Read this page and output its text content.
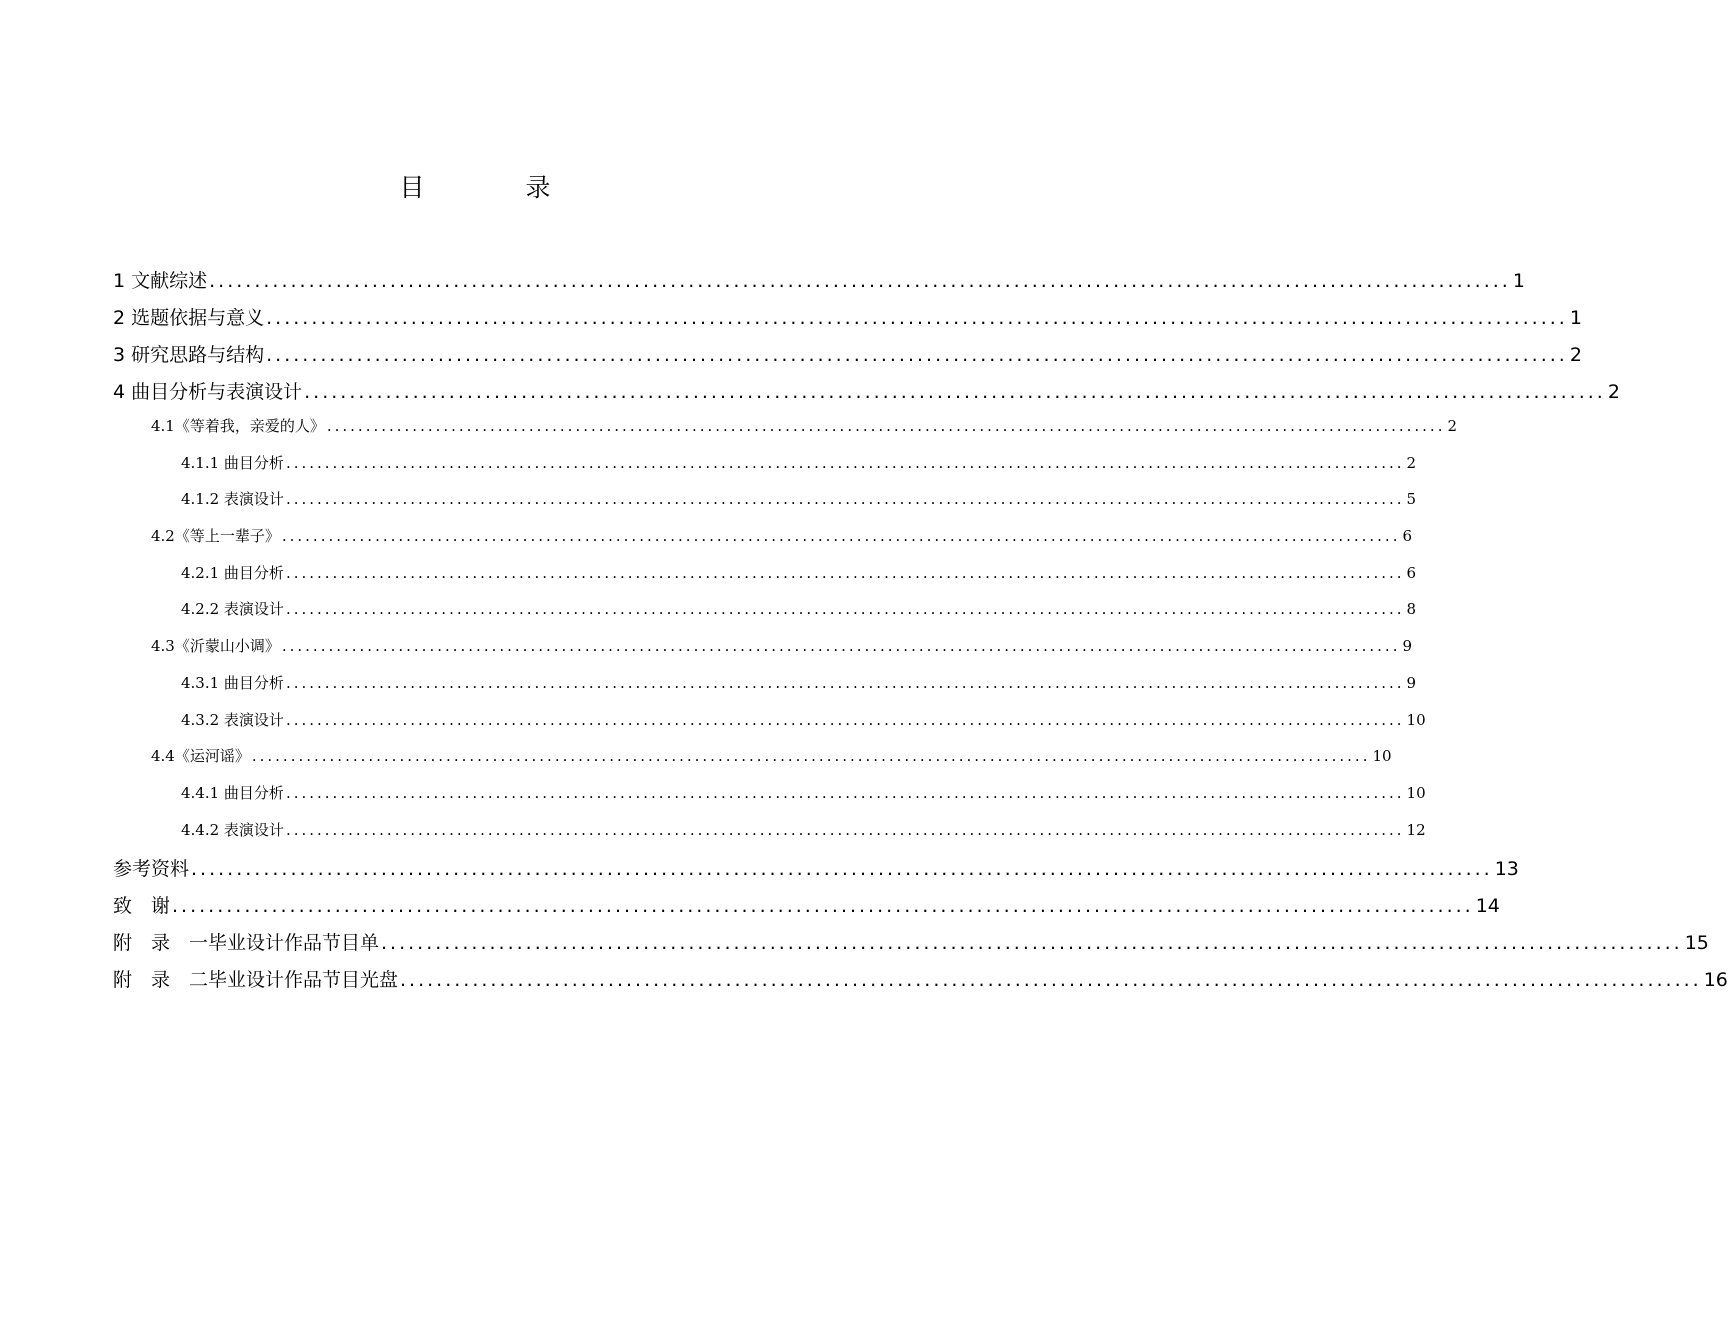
目　录
1 文献综述 ................................................................................................................................................ 1
2 选题依据与意义 ................................................................................................................................................ 1
3 研究思路与结构 ................................................................................................................................................ 2
4 曲目分析与表演设计 ................................................................................................................................................ 2
4.1《等着我，亲爱的人》 ................................................................................................................................................ 2
4.1.1 曲目分析 ................................................................................................................................................ 2
4.1.2 表演设计 ................................................................................................................................................ 5
4.2《等上一辈子》 ................................................................................................................................................ 6
4.2.1 曲目分析 ................................................................................................................................................ 6
4.2.2 表演设计 ................................................................................................................................................ 8
4.3《沂蒙山小调》 ................................................................................................................................................ 9
4.3.1 曲目分析 ................................................................................................................................................ 9
4.3.2 表演设计 ................................................................................................................................................ 10
4.4《运河谣》 ................................................................................................................................................ 10
4.4.1 曲目分析 ................................................................................................................................................ 10
4.4.2 表演设计 ................................................................................................................................................ 12
参考资料 ................................................................................................................................................ 13
致　谢 ................................................................................................................................................ 14
附　录　一毕业设计作品节目单 ................................................................................................................................................ 15
附　录　二毕业设计作品节目光盘 ................................................................................................................................................ 16
